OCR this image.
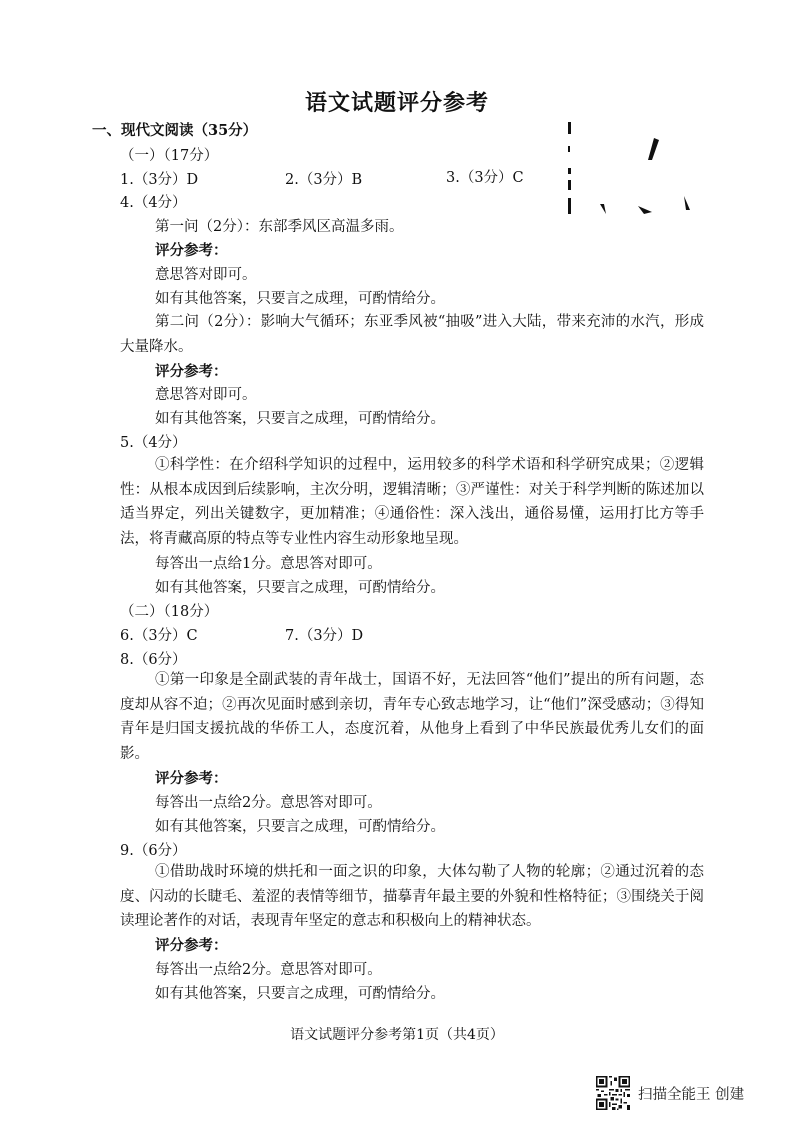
语文试题评分参考
一、现代文阅读（35分）
（一）（17分）
1.（3分）D	2.（3分）B	3.（3分）C
4.（4分）
第一问（2分）：东部季风区高温多雨。
评分参考：
意思答对即可。
如有其他答案，只要言之成理，可酌情给分。
第二问（2分）：影响大气循环；东亚季风被“抽吸”进入大陆，带来充沛的水汽，形成大量降水。
评分参考：
意思答对即可。
如有其他答案，只要言之成理，可酌情给分。
5.（4分）
①科学性：在介绍科学知识的过程中，运用较多的科学术语和科学研究成果；②逻辑性：从根本成因到后续影响，主次分明，逻辑清晰；③严谨性：对关于科学判断的陈述加以适当界定，列出关键数字，更加精准；④通俗性：深入浅出，通俗易懂，运用打比方等手法，将青藏高原的特点等专业性内容生动形象地呈现。
每答出一点给1分。意思答对即可。
如有其他答案，只要言之成理，可酌情给分。
（二）（18分）
6.（3分）C	7.（3分）D
8.（6分）
①第一印象是全副武装的青年战士，国语不好，无法回答“他们”提出的所有问题，态度却从容不迫；②再次见面时感到亲切，青年专心致志地学习，让“他们”深受感动；③得知青年是归国支援抗战的华侨工人，态度沉着，从他身上看到了中华民族最优秀儿女们的面影。
评分参考：
每答出一点给2分。意思答对即可。
如有其他答案，只要言之成理，可酌情给分。
9.（6分）
①借助战时环境的烘托和一面之识的印象，大体勾勒了人物的轮廓；②通过沉着的态度、闪动的长睫毛、羞涩的表情等细节，描摹青年最主要的外貌和性格特征；③围绕关于阅读理论著作的对话，表现青年坚定的意志和积极向上的精神状态。
评分参考：
每答出一点给2分。意思答对即可。
如有其他答案，只要言之成理，可酌情给分。
语文试题评分参考第1页（共4页）
扫描全能王 创建
